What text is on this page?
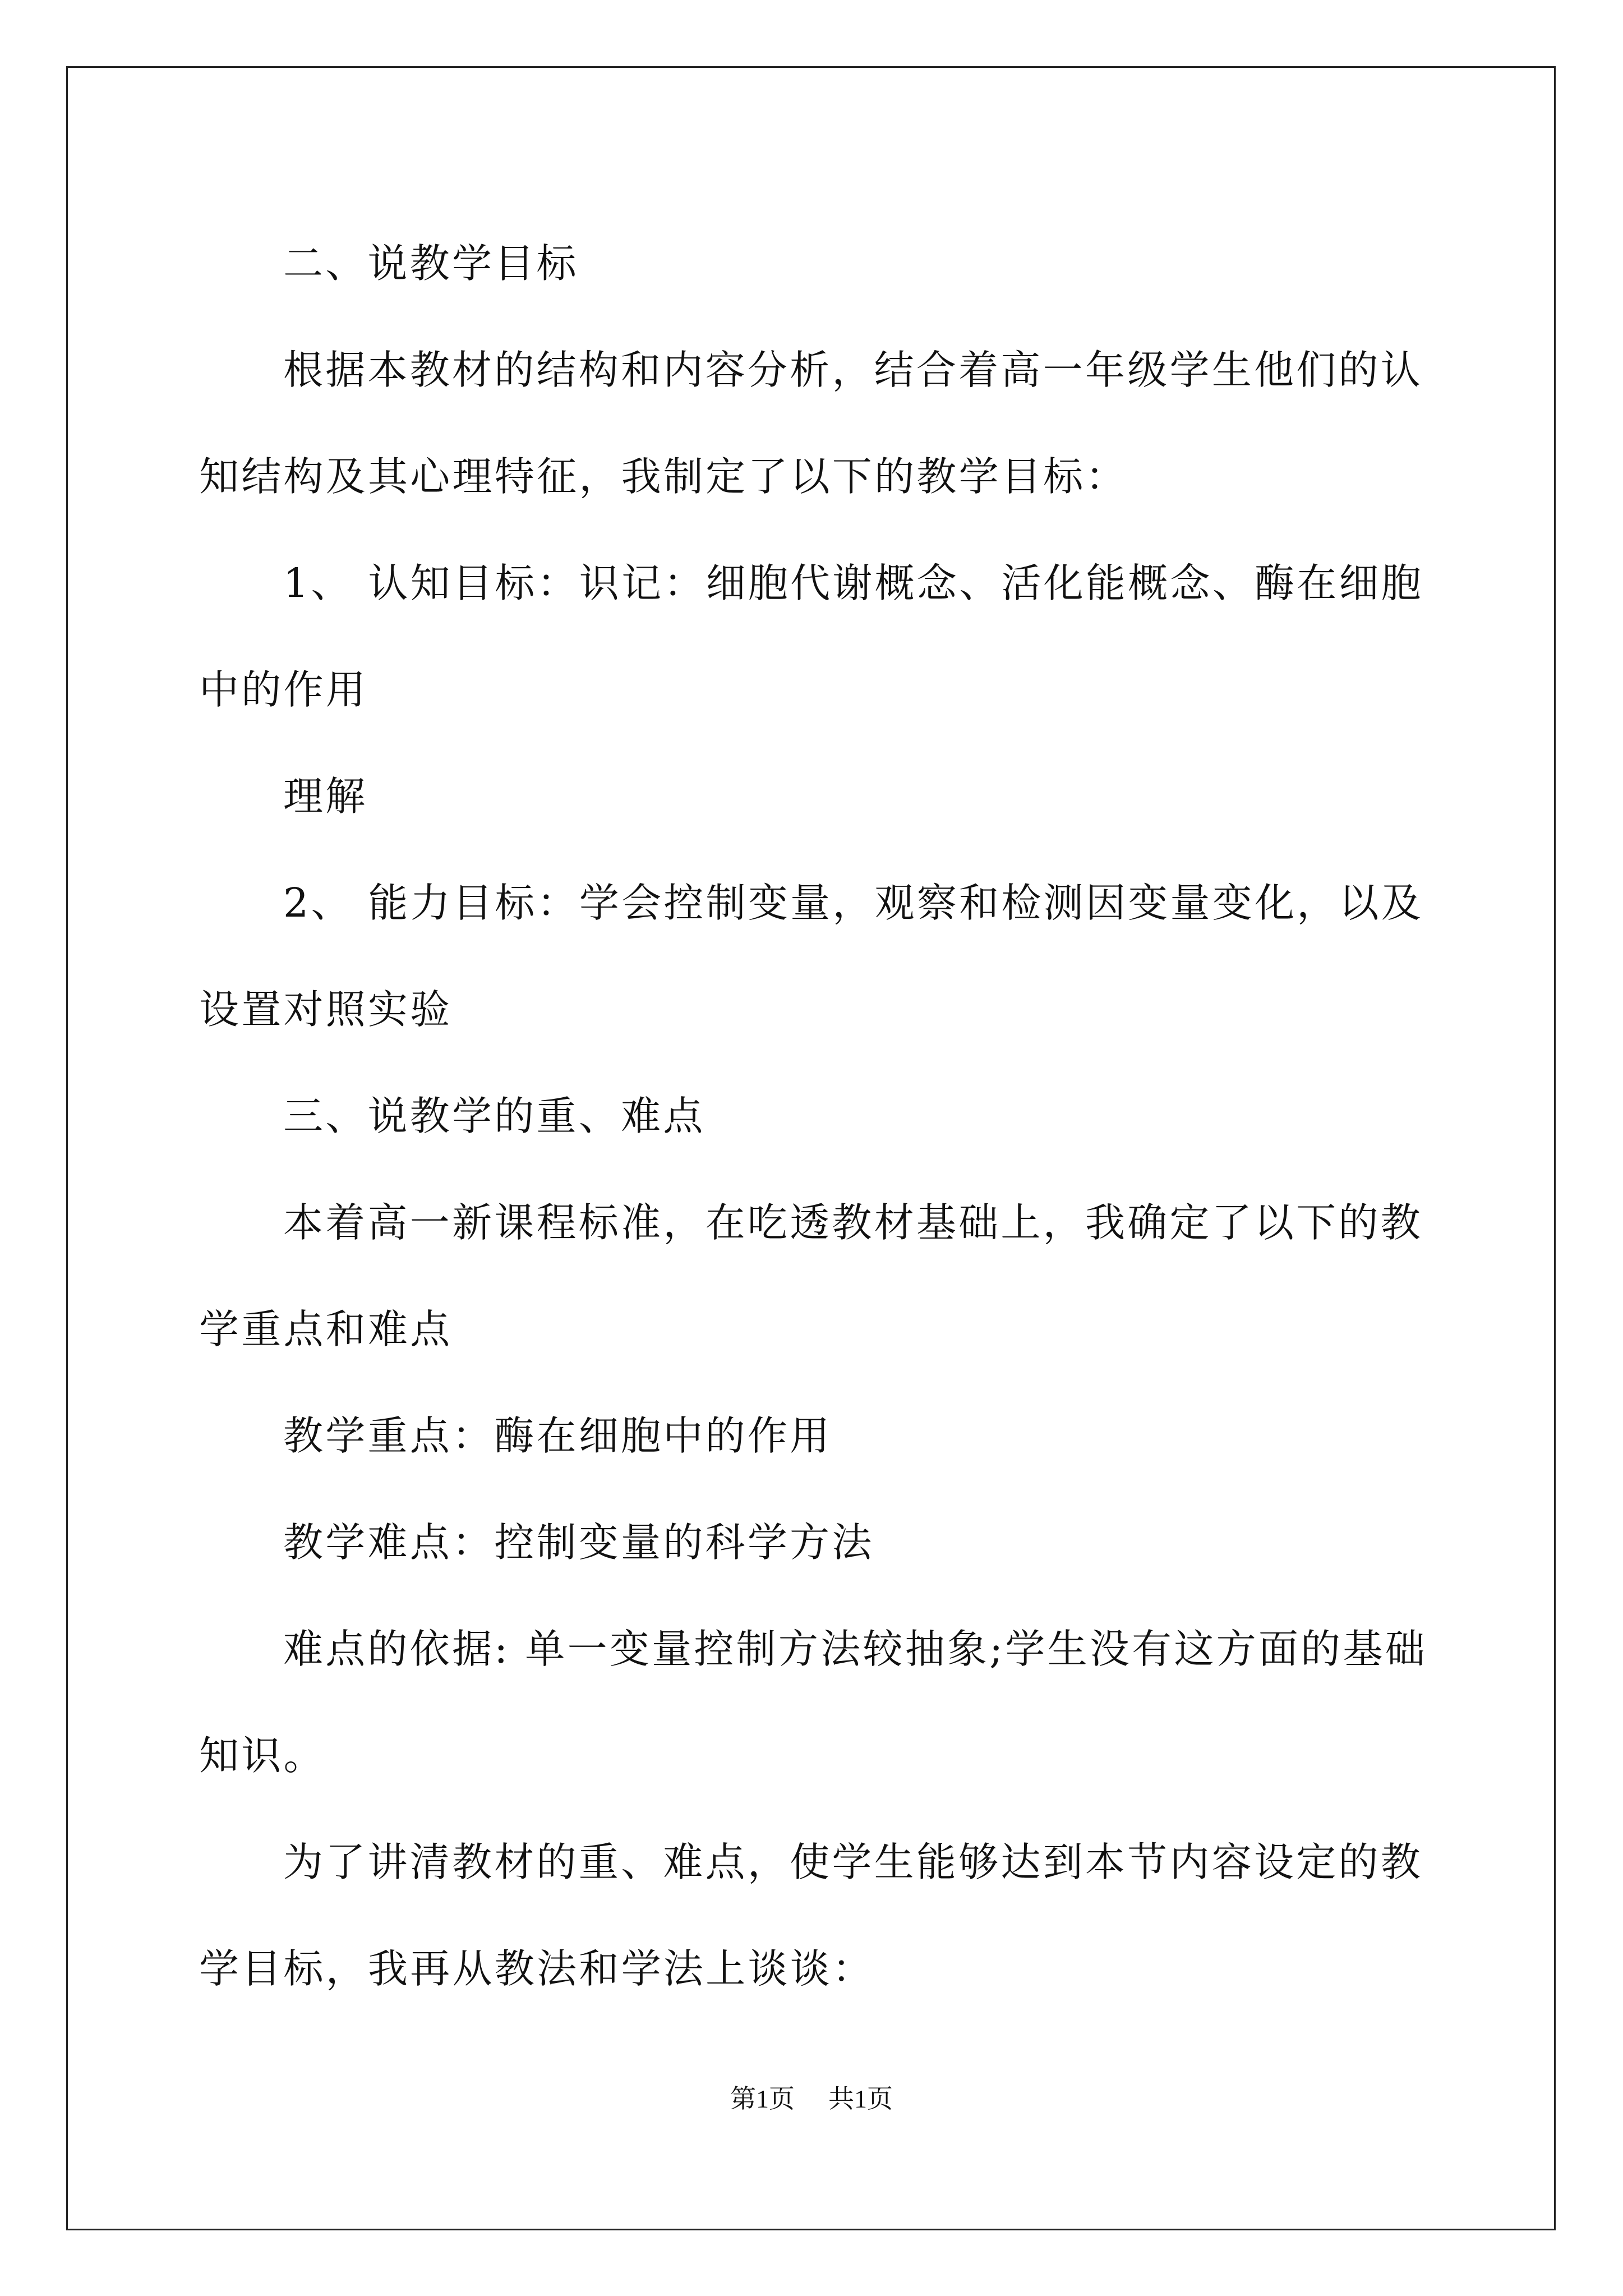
二、说教学目标

根据本教材的结构和内容分析，结合着高一年级学生他们的认知结构及其心理特征，我制定了以下的教学目标：

1、 认知目标：识记：细胞代谢概念、活化能概念、酶在细胞中的作用

理解

2、 能力目标：学会控制变量，观察和检测因变量变化，以及设置对照实验

三、说教学的重、难点

本着高一新课程标准，在吃透教材基础上，我确定了以下的教学重点和难点

教学重点：酶在细胞中的作用

教学难点：控制变量的科学方法

难点的依据: 单一变量控制方法较抽象;学生没有这方面的基础知识。

为了讲清教材的重、难点，使学生能够达到本节内容设定的教学目标，我再从教法和学法上谈谈：

第1页 共1页
